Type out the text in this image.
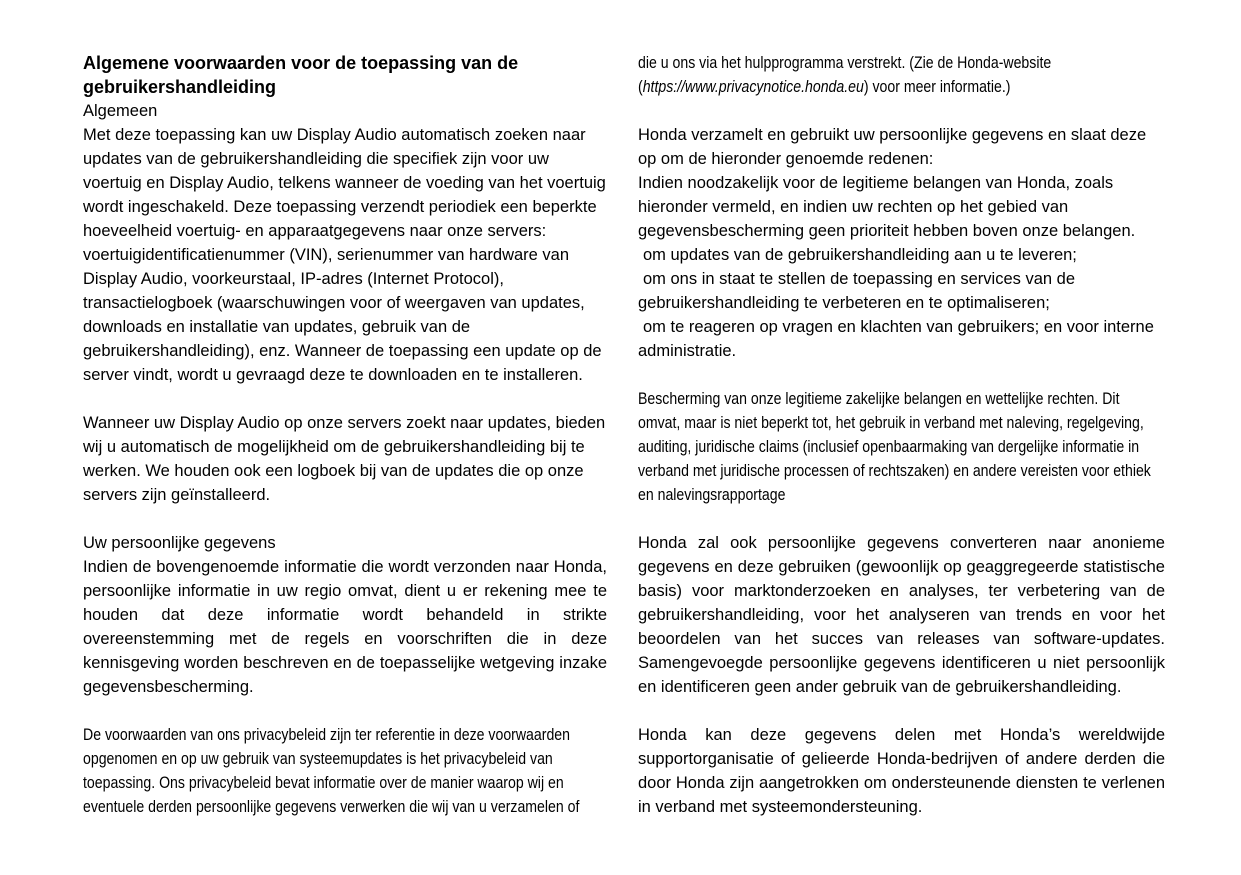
Algemene voorwaarden voor de toepassing van de gebruikershandleiding

Algemeen

Met deze toepassing kan uw Display Audio automatisch zoeken naar updates van de gebruikershandleiding die specifiek zijn voor uw voertuig en Display Audio, telkens wanneer de voeding van het voertuig wordt ingeschakeld. Deze toepassing verzendt periodiek een beperkte hoeveelheid voertuig- en apparaatgegevens naar onze servers: voertuigidentificatienummer (VIN), serienummer van hardware van Display Audio, voorkeurstaal, IP-adres (Internet Protocol), transactielogboek (waarschuwingen voor of weergaven van updates, downloads en installatie van updates, gebruik van de gebruikershandleiding), enz. Wanneer de toepassing een update op de server vindt, wordt u gevraagd deze te downloaden en te installeren.

Wanneer uw Display Audio op onze servers zoekt naar updates, bieden wij u automatisch de mogelijkheid om de gebruikershandleiding bij te werken. We houden ook een logboek bij van de updates die op onze servers zijn geïnstalleerd.

Uw persoonlijke gegevens

Indien de bovengenoemde informatie die wordt verzonden naar Honda, persoonlijke informatie in uw regio omvat, dient u er rekening mee te houden dat deze informatie wordt behandeld in strikte overeenstemming met de regels en voorschriften die in deze kennisgeving worden beschreven en de toepasselijke wetgeving inzake gegevensbescherming.

De voorwaarden van ons privacybeleid zijn ter referentie in deze voorwaarden opgenomen en op uw gebruik van systeemupdates is het privacybeleid van toepassing. Ons privacybeleid bevat informatie over de manier waarop wij en eventuele derden persoonlijke gegevens verwerken die wij van u verzamelen of

die u ons via het hulpprogramma verstrekt. (Zie de Honda-website (https://www.privacynotice.honda.eu) voor meer informatie.)

Honda verzamelt en gebruikt uw persoonlijke gegevens en slaat deze op om de hieronder genoemde redenen:

Indien noodzakelijk voor de legitieme belangen van Honda, zoals hieronder vermeld, en indien uw rechten op het gebied van gegevensbescherming geen prioriteit hebben boven onze belangen.

om updates van de gebruikershandleiding aan u te leveren;

om ons in staat te stellen de toepassing en services van de gebruikershandleiding te verbeteren en te optimaliseren;

om te reageren op vragen en klachten van gebruikers; en voor interne administratie.

Bescherming van onze legitieme zakelijke belangen en wettelijke rechten. Dit omvat, maar is niet beperkt tot, het gebruik in verband met naleving, regelgeving, auditing, juridische claims (inclusief openbaarmaking van dergelijke informatie in verband met juridische processen of rechtszaken) en andere vereisten voor ethiek en nalevingsrapportage

Honda zal ook persoonlijke gegevens converteren naar anonieme gegevens en deze gebruiken (gewoonlijk op geaggregeerde statistische basis) voor marktonderzoeken en analyses, ter verbetering van de gebruikershandleiding, voor het analyseren van trends en voor het beoordelen van het succes van releases van software-updates. Samengevoegde persoonlijke gegevens identificeren u niet persoonlijk en identificeren geen ander gebruik van de gebruikershandleiding.

Honda kan deze gegevens delen met Honda’s wereldwijde supportorganisatie of gelieerde Honda-bedrijven of andere derden die door Honda zijn aangetrokken om ondersteunende diensten te verlenen in verband met systeemondersteuning.
